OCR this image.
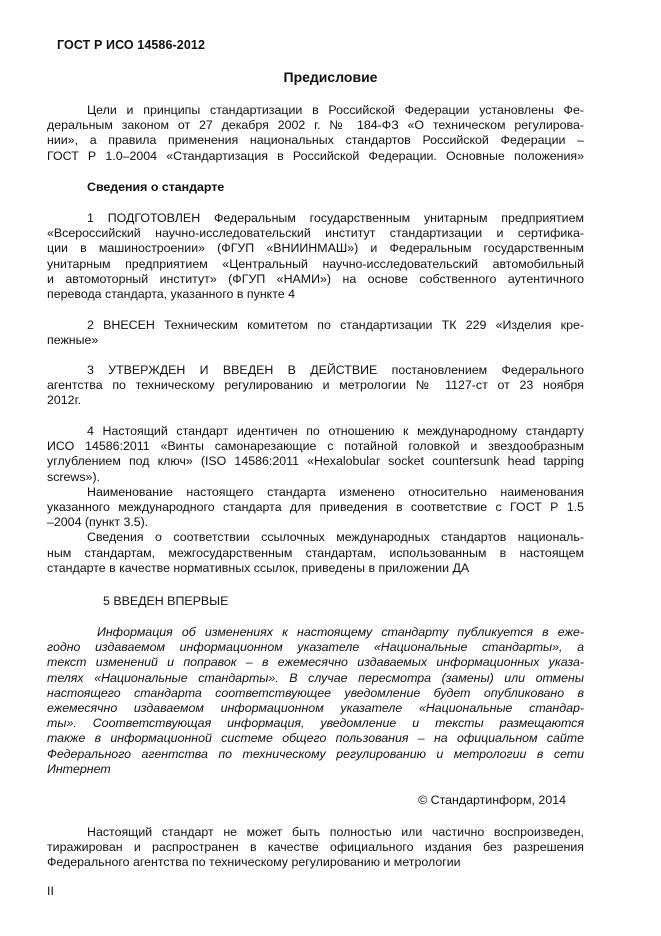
ГОСТ Р ИСО 14586-2012
Предисловие
Цели и принципы стандартизации в Российской Федерации установлены Фе-
деральным законом от 27 декабря 2002 г. № 184-ФЗ «О техническом регулирова-
нии», а правила применения национальных стандартов Российской Федерации –
ГОСТ Р 1.0–2004 «Стандартизация в Российской Федерации. Основные положения»
Сведения о стандарте
1 ПОДГОТОВЛЕН Федеральным государственным унитарным предприятием
«Всероссийский научно-исследовательский институт стандартизации и сертифика-
ции в машиностроении» (ФГУП «ВНИИНМАШ») и Федеральным государственным
унитарным предприятием «Центральный научно-исследовательский автомобильный
и автомоторный институт» (ФГУП «НАМИ») на основе собственного аутентичного
перевода стандарта, указанного в пункте 4
2 ВНЕСЕН Техническим комитетом по стандартизации ТК 229 «Изделия кре-
пежные»
3 УТВЕРЖДЕН И ВВЕДЕН В ДЕЙСТВИЕ постановлением Федерального
агентства по техническому регулированию и метрологии № 1127-ст от 23 ноября
2012г.
4 Настоящий стандарт идентичен по отношению к международному стандарту
ИСО 14586:2011 «Винты самонарезающие с потайной головкой и звездообразным
углублением под ключ» (ISO 14586:2011 «Hexalobular socket countersunk head tapping
screws»).
Наименование настоящего стандарта изменено относительно наименования
указанного международного стандарта для приведения в соответствие с ГОСТ Р 1.5
–2004 (пункт 3.5).
Сведения о соответствии ссылочных международных стандартов националь-
ным стандартам, межгосударственным стандартам, использованным в настоящем
стандарте в качестве нормативных ссылок, приведены в приложении ДА
5 ВВЕДЕН ВПЕРВЫЕ
Информация об изменениях к настоящему стандарту публикуется в еже-
годно издаваемом информационном указателе «Национальные стандарты», а
текст изменений и поправок – в ежемесячно издаваемых информационных указа-
телях «Национальные стандарты». В случае пересмотра (замены) или отмены
настоящего стандарта соответствующее уведомление будет опубликовано в
ежемесячно издаваемом информационном указателе «Национальные стандар-
ты». Соответствующая информация, уведомление и тексты размещаются
также в информационной системе общего пользования – на официальном сайте
Федерального агентства по техническому регулированию и метрологии в сети
Интернет
© Стандартинформ, 2014
Настоящий стандарт не может быть полностью или частично воспроизведен,
тиражирован и распространен в качестве официального издания без разрешения
Федерального агентства по техническому регулированию и метрологии
II
